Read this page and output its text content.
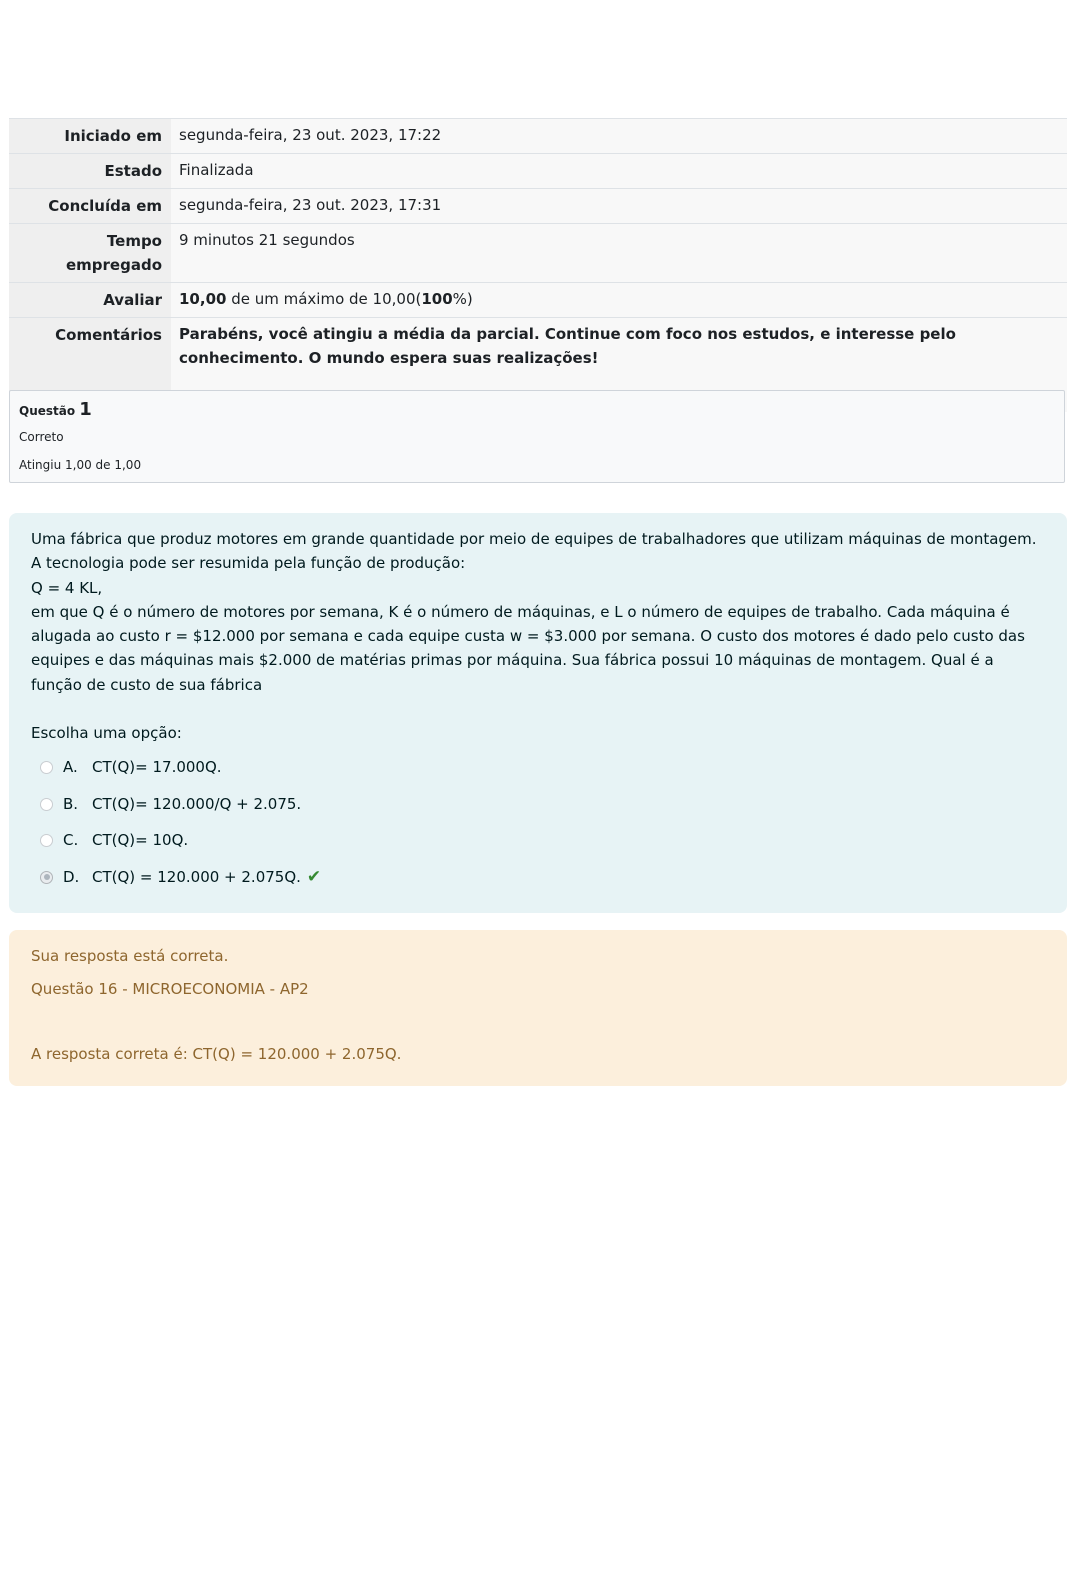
Iniciado em	segunda-feira, 23 out. 2023, 17:22
Estado	Finalizada
Concluída em	segunda-feira, 23 out. 2023, 17:31
Tempo empregado	9 minutos 21 segundos
Avaliar	10,00 de um máximo de 10,00(100%)
Comentários	Parabéns, você atingiu a média da parcial. Continue com foco nos estudos, e interesse pelo conhecimento. O mundo espera suas realizações!
Questão 1
Correto
Atingiu 1,00 de 1,00

Uma fábrica que produz motores em grande quantidade por meio de equipes de trabalhadores que utilizam máquinas de montagem. A tecnologia pode ser resumida pela função de produção:

Q = 4 KL,

em que Q é o número de motores por semana, K é o número de máquinas, e L o número de equipes de trabalho. Cada máquina é alugada ao custo r = $12.000 por semana e cada equipe custa w = $3.000 por semana. O custo dos motores é dado pelo custo das equipes e das máquinas mais $2.000 de matérias primas por máquina. Sua fábrica possui 10 máquinas de montagem. Qual é a função de custo de sua fábrica

Escolha uma opção:
A. CT(Q)= 17.000Q.
B. CT(Q)= 120.000/Q + 2.075.
C. CT(Q)= 10Q.
D. CT(Q) = 120.000 + 2.075Q. ✔
Sua resposta está correta.
Questão 16 - MICROECONOMIA - AP2
A resposta correta é: CT(Q) = 120.000 + 2.075Q.
